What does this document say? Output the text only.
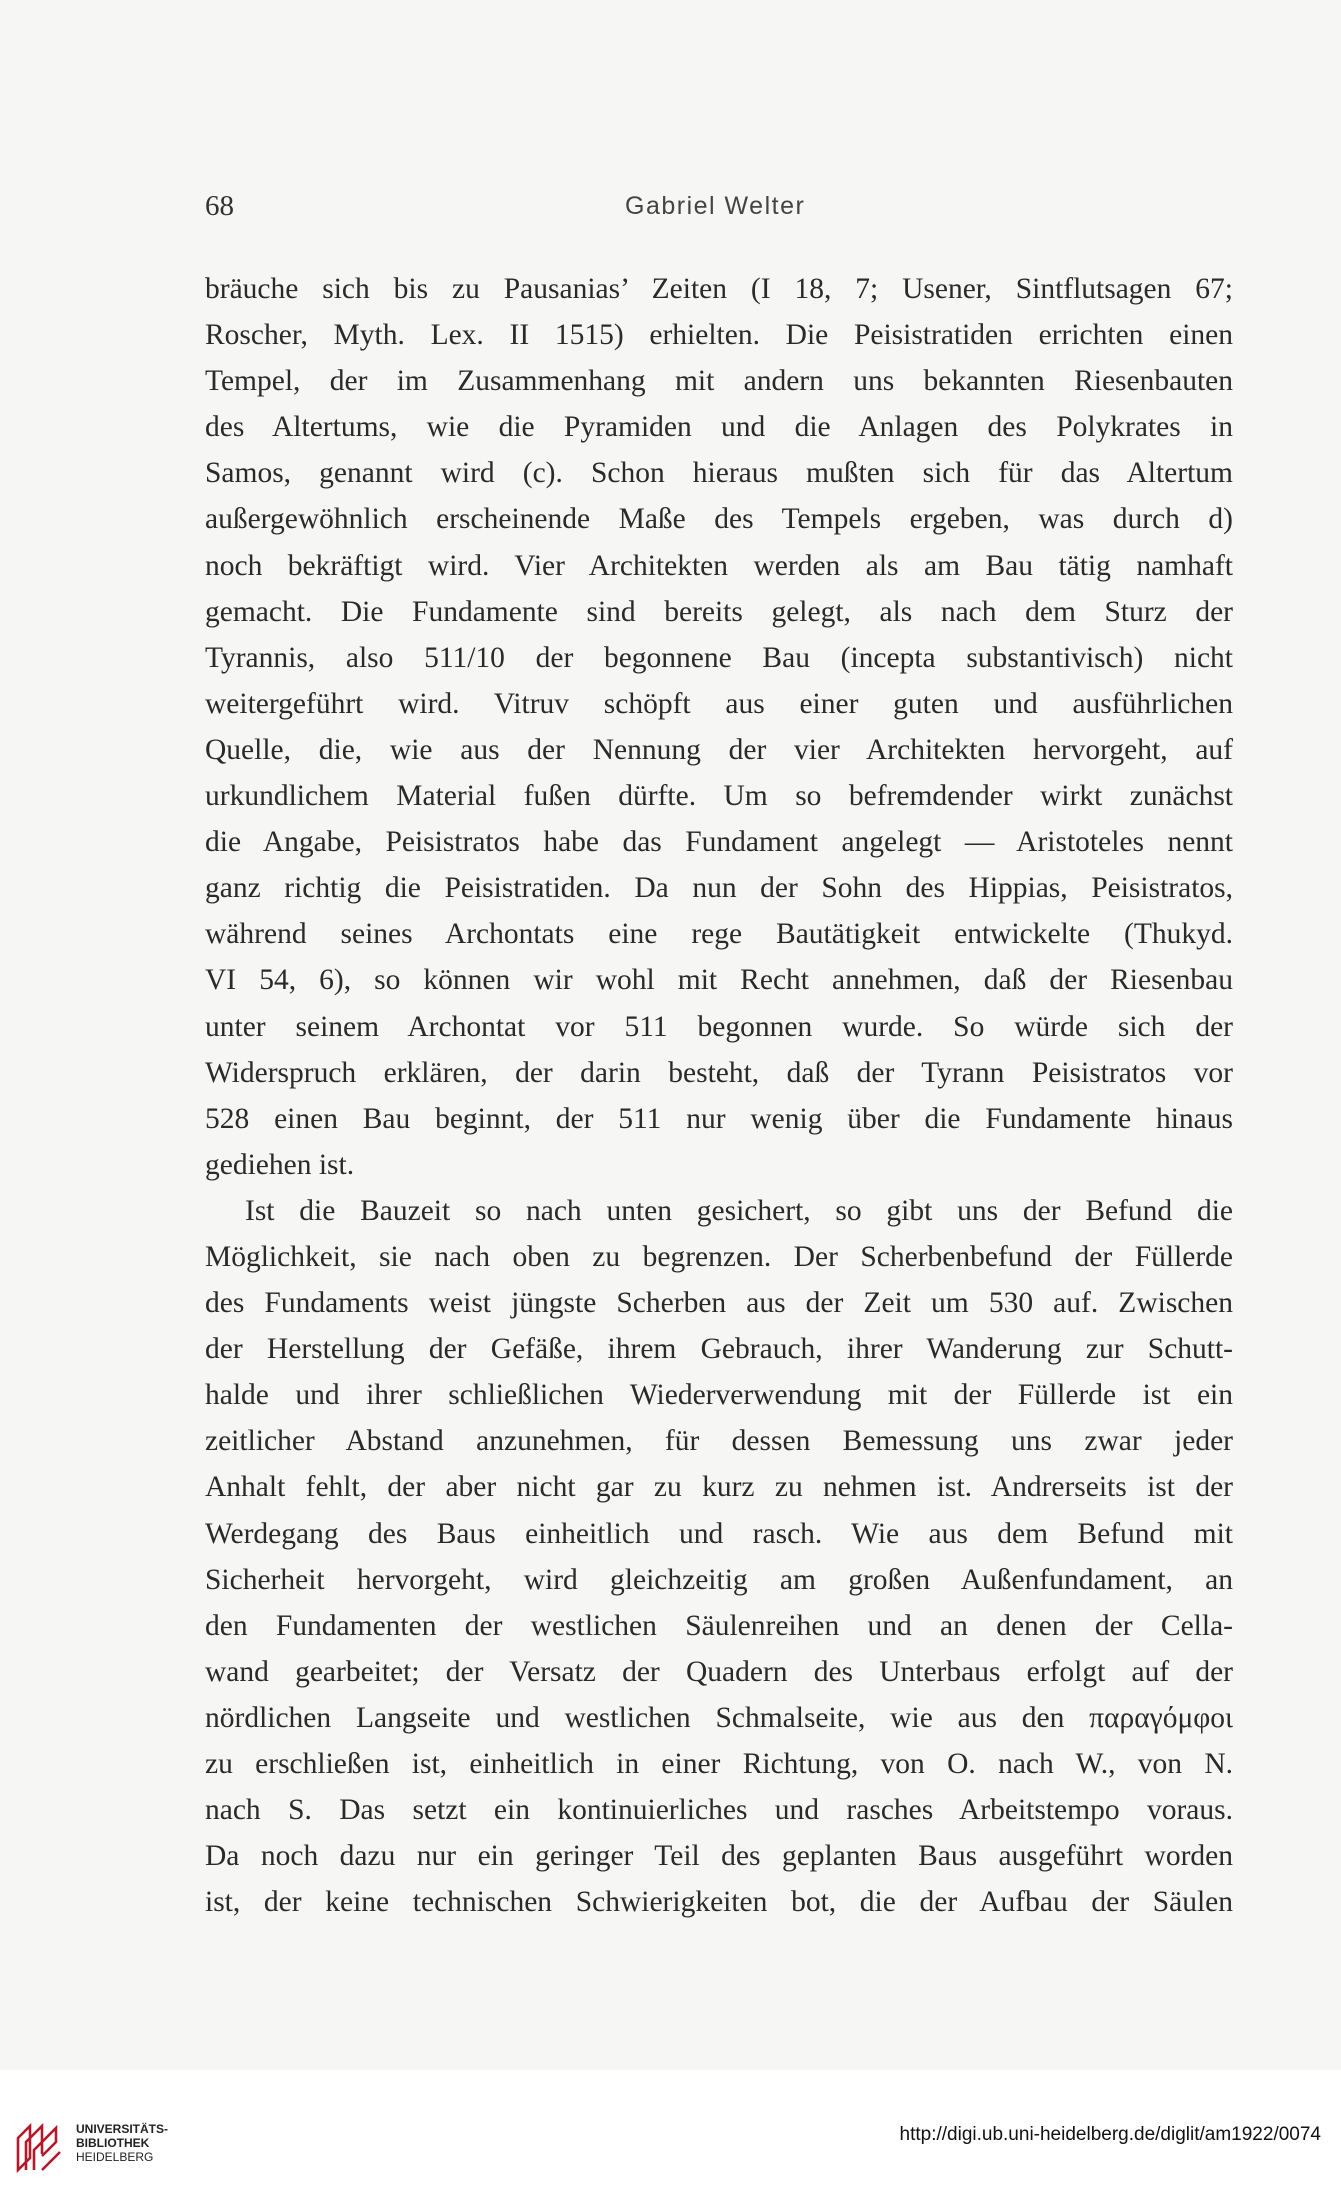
68	Gabriel Welter
bräuche sich bis zu Pausanias’ Zeiten (I 18, 7; Usener, Sintflutsagen 67;
Roscher, Myth. Lex. II 1515) erhielten. Die Peisistratiden errichten einen
Tempel, der im Zusammenhang mit andern uns bekannten Riesenbauten
des Altertums, wie die Pyramiden und die Anlagen des Polykrates in
Samos, genannt wird (c). Schon hieraus mußten sich für das Altertum
außergewöhnlich erscheinende Maße des Tempels ergeben, was durch d)
noch bekräftigt wird. Vier Architekten werden als am Bau tätig namhaft
gemacht. Die Fundamente sind bereits gelegt, als nach dem Sturz der
Tyrannis, also 511/10 der begonnene Bau (incepta substantivisch) nicht
weitergeführt wird. Vitruv schöpft aus einer guten und ausführlichen
Quelle, die, wie aus der Nennung der vier Architekten hervorgeht, auf
urkundlichem Material fußen dürfte. Um so befremdender wirkt zunächst
die Angabe, Peisistratos habe das Fundament angelegt — Aristoteles nennt
ganz richtig die Peisistratiden. Da nun der Sohn des Hippias, Peisistratos,
während seines Archontats eine rege Bautätigkeit entwickelte (Thukyd.
VI 54, 6), so können wir wohl mit Recht annehmen, daß der Riesenbau
unter seinem Archontat vor 511 begonnen wurde. So würde sich der
Widerspruch erklären, der darin besteht, daß der Tyrann Peisistratos vor
528 einen Bau beginnt, der 511 nur wenig über die Fundamente hinaus
gediehen ist.
Ist die Bauzeit so nach unten gesichert, so gibt uns der Befund die
Möglichkeit, sie nach oben zu begrenzen. Der Scherbenbefund der Füllerde
des Fundaments weist jüngste Scherben aus der Zeit um 530 auf. Zwischen
der Herstellung der Gefäße, ihrem Gebrauch, ihrer Wanderung zur Schutt-
halde und ihrer schließlichen Wiederverwendung mit der Füllerde ist ein
zeitlicher Abstand anzunehmen, für dessen Bemessung uns zwar jeder
Anhalt fehlt, der aber nicht gar zu kurz zu nehmen ist. Andrerseits ist der
Werdegang des Baus einheitlich und rasch. Wie aus dem Befund mit
Sicherheit hervorgeht, wird gleichzeitig am großen Außenfundament, an
den Fundamenten der westlichen Säulenreihen und an denen der Cella-
wand gearbeitet; der Versatz der Quadern des Unterbaus erfolgt auf der
nördlichen Langseite und westlichen Schmalseite, wie aus den παραγόμφοι
zu erschließen ist, einheitlich in einer Richtung, von O. nach W., von N.
nach S. Das setzt ein kontinuierliches und rasches Arbeitstempo voraus.
Da noch dazu nur ein geringer Teil des geplanten Baus ausgeführt worden
ist, der keine technischen Schwierigkeiten bot, die der Aufbau der Säulen
UNIVERSITÄTS-
BIBLIOTHEK
HEIDELBERG
http://digi.ub.uni-heidelberg.de/diglit/am1922/0074
